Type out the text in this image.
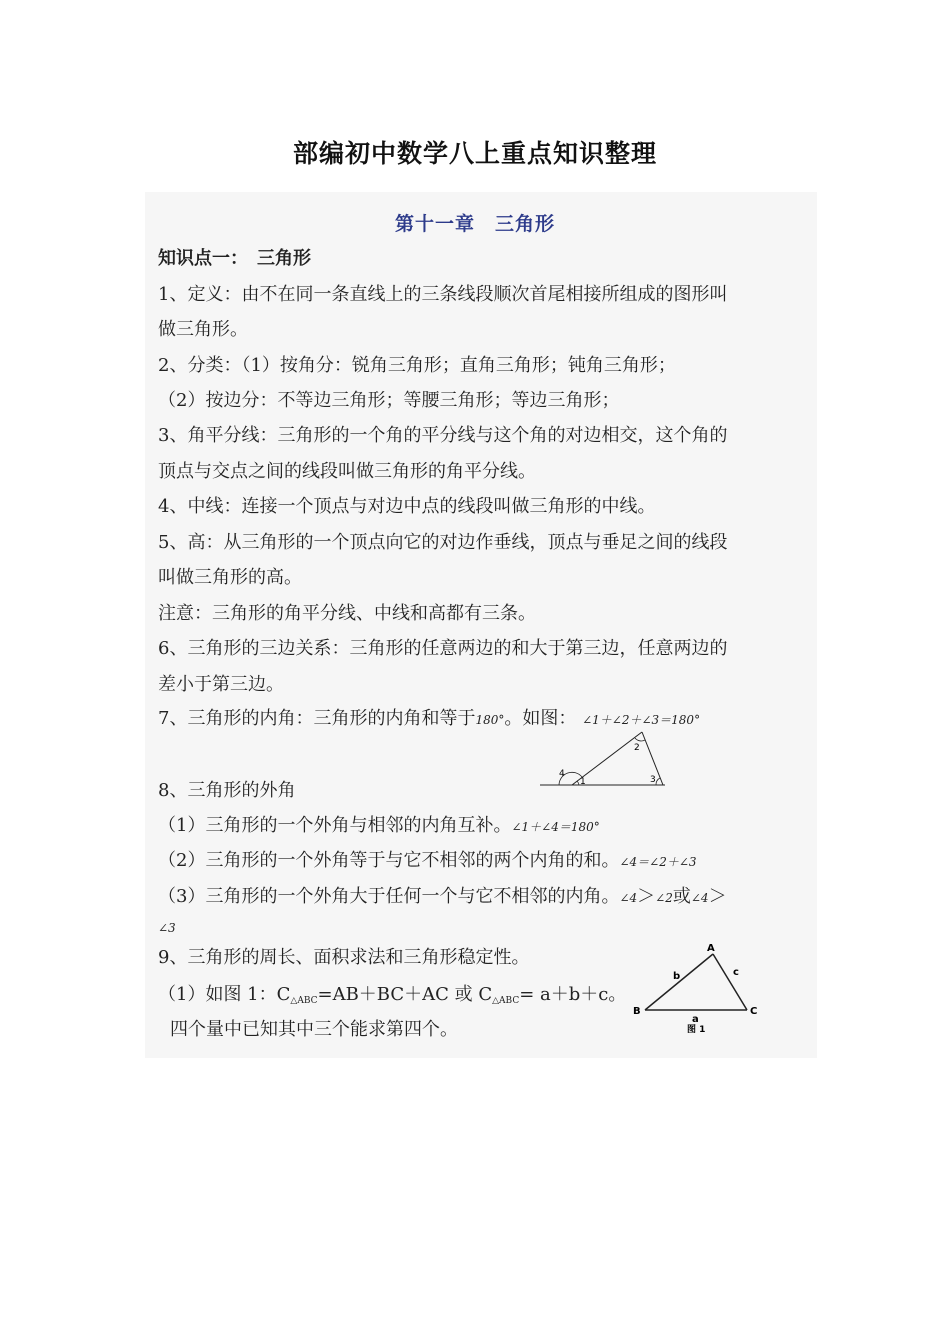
部编初中数学八上重点知识整理
第十一章　三角形
知识点一：　三角形
1、定义：由不在同一条直线上的三条线段顺次首尾相接所组成的图形叫
做三角形。
2、分类：（1）按角分：锐角三角形；直角三角形；钝角三角形；
（2）按边分：不等边三角形；等腰三角形；等边三角形；
3、角平分线：三角形的一个角的平分线与这个角的对边相交，这个角的
顶点与交点之间的线段叫做三角形的角平分线。
4、中线：连接一个顶点与对边中点的线段叫做三角形的中线。
5、高：从三角形的一个顶点向它的对边作垂线，顶点与垂足之间的线段
叫做三角形的高。
注意：三角形的角平分线、中线和高都有三条。
6、三角形的三边关系：三角形的任意两边的和大于第三边，任意两边的
差小于第三边。
7、三角形的内角：三角形的内角和等于180°。如图： ∠1＋∠2＋∠3＝180°
1
2
3
4
8、三角形的外角
（1）三角形的一个外角与相邻的内角互补。∠1＋∠4＝180°
（2）三角形的一个外角等于与它不相邻的两个内角的和。∠4＝∠2＋∠3
（3）三角形的一个外角大于任何一个与它不相邻的内角。∠4＞∠2或∠4＞
∠3
9、三角形的周长、面积求法和三角形稳定性。
（1）如图 1：$C_{\triangle ABC}=AB+BC+AC$ 或 $C_{\triangle ABC}= a+b+c$。
四个量中已知其中三个能求第四个。
A
B	C
a
b	c
图 1
